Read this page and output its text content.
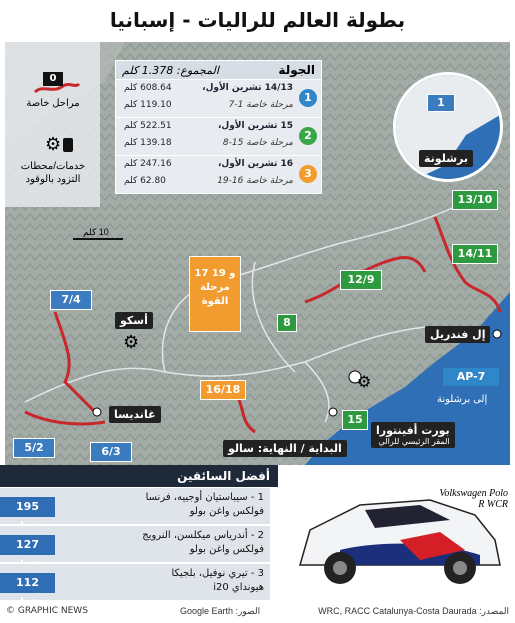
بطولة العالم للراليات - إسبانيا
0
مراحل خاصة
⚙
خدمات/محطات التزود بالوقود
الجولة
المجموع: 1.378 كلم
1
14/13 تشرين الأول،
مرحلة خاصة 1-7
608.64 كلم
119.10 كلم
2
15 تشرين الأول،
مرحلة خاصة 15-8
522.51 كلم
139.18 كلم
3
16 تشرين الأول،
مرحلة خاصة 16-19
247.16 كلم
62.80 كلم
1
برشلونة
10 كلم
13/10
14/11
12/9
8
15
7/4
5/2	6/3
16/18
17 و 19
مرحلة القوة
أسكو
⚙
غانديسا
إل فندريل
البداية / النهاية: سالو
بورت أفينتورا
المقر الرئيسي للرالي
AP-7
إلى برشلونة
⚙
أفضل السائقين
195
1 - سيباستيان أوجييه، فرنسا
فولكس واغن بولو
127
2 - أندرياس ميكلسن، النرويج
فولكس واغن بولو
112 نقطة
3 - تيري نوفيل، بلجيكا
هيونداي i20
Volkswagen Polo
R WCR
© GRAPHIC NEWS	الصور: Google Earth	المصدر: WRC, RACC Catalunya-Costa Daurada
